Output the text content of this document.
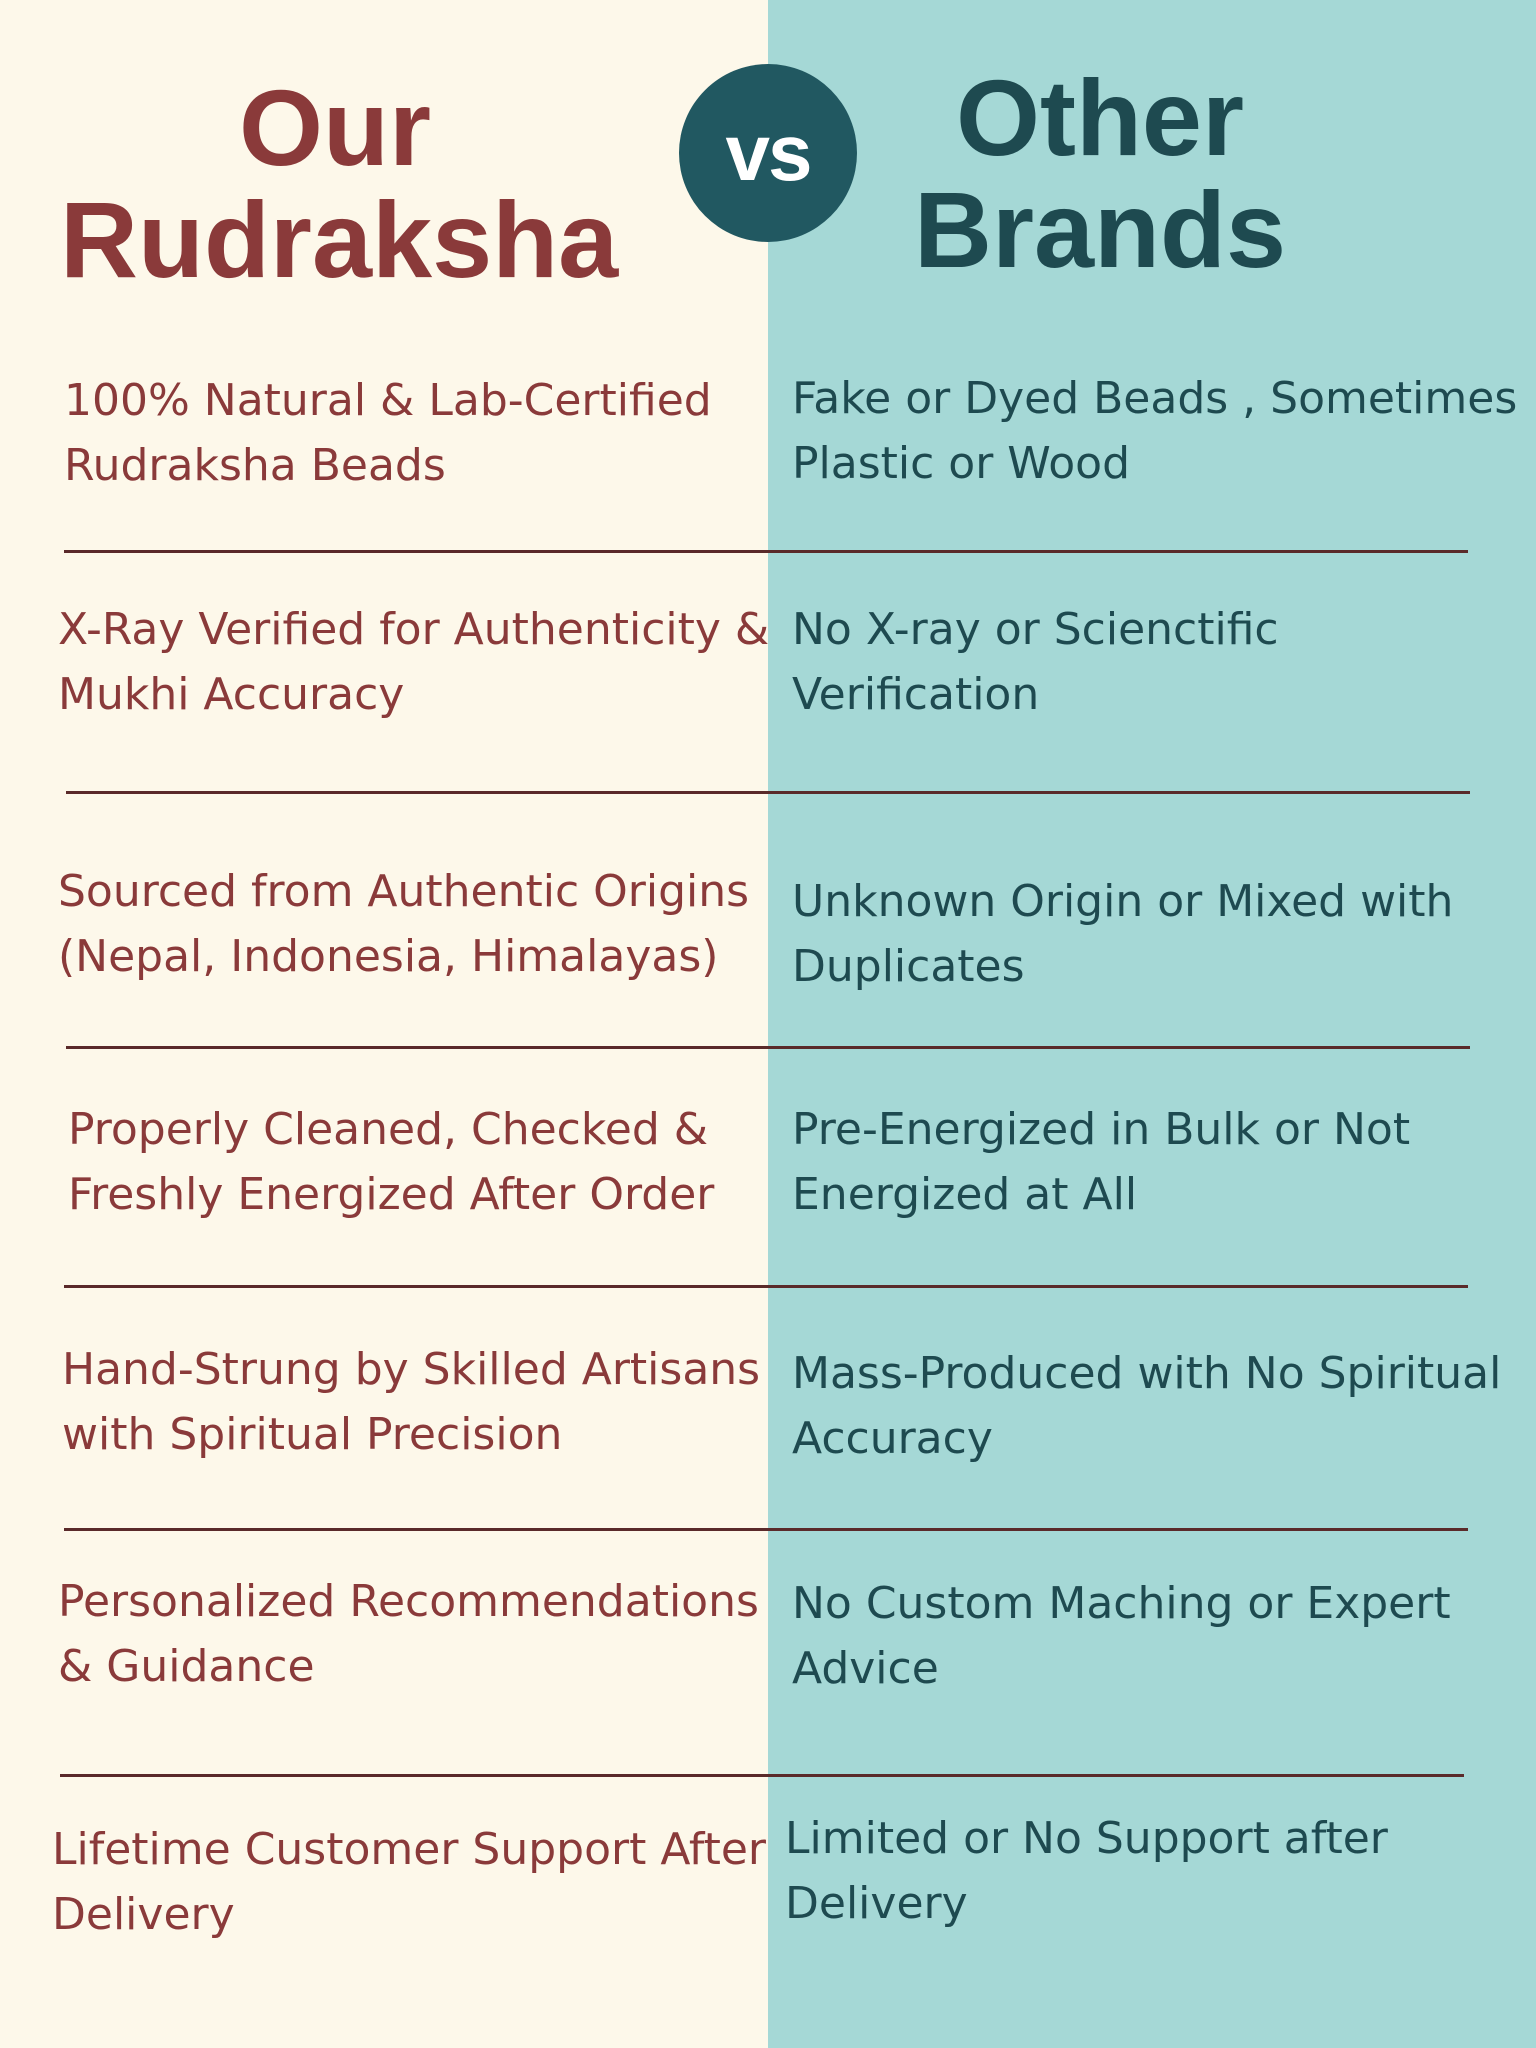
Our
Rudraksha
Other
Brands
vs
100% Natural & Lab-Certified
Rudraksha Beads
Fake or Dyed Beads , Sometimes
Plastic or Wood
X-Ray Verified for Authenticity &
Mukhi Accuracy
No X-ray or Scienctific
Verification
Sourced from Authentic Origins
(Nepal, Indonesia, Himalayas)
Unknown Origin or Mixed with
Duplicates
Properly Cleaned, Checked &
Freshly Energized After Order
Pre-Energized in Bulk or Not
Energized at All
Hand-Strung by Skilled Artisans
with Spiritual Precision
Mass-Produced with No Spiritual
Accuracy
Personalized Recommendations
& Guidance
No Custom Maching or Expert
Advice
Lifetime Customer Support After
Delivery
Limited or No Support after
Delivery
